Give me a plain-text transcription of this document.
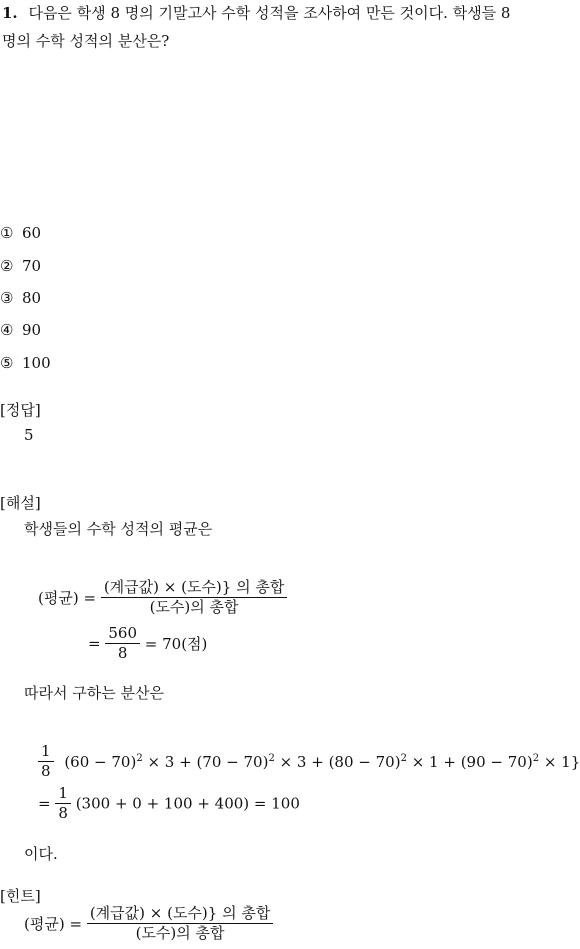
1. 다음은 학생 8 명의 기말고사 수학 성적을 조사하여 만든 것이다. 학생들 8
명의 수학 성적의 분산은?
① 60
② 70
③ 80
④ 90
⑤ 100
[정답]
5
[해설]
학생들의 수학 성적의 평균은
(평균) = $\frac{\text{(계급값) × (도수)\} 의 총합}}{\text{(도수)의 총합}}$
= $\frac{560}{8} = 70$(점)
따라서 구하는 분산은
$\frac{1}{8} (60 - 70)^2 \times 3 + (70 - 70)^2 \times 3 + (80 - 70)^2 \times 1 + (90 - 70)^2 \times 1$}
= $\frac{1}{8} (300 + 0 + 100 + 400) = 100$
이다.
[힌트]
(평균) = $\frac{\text{(계급값) × (도수)\} 의 총합}}{\text{(도수)의 총합}}$
